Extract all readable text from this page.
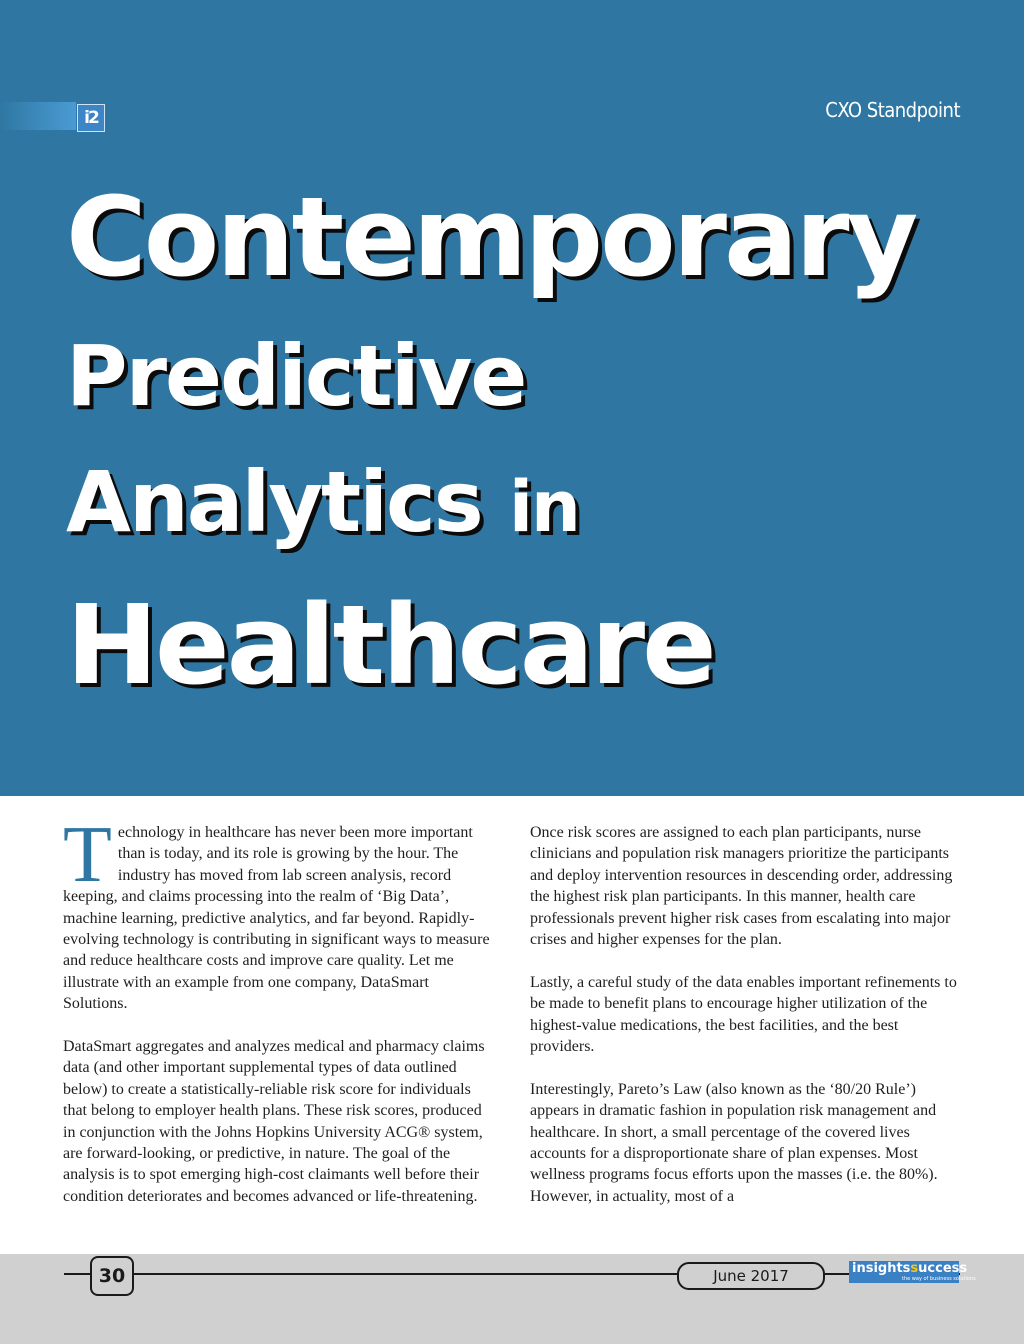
i2	CXO Standpoint
Contemporary
Predictive
Analytics in
Healthcare

Technology in healthcare has never been more important than is today, and its role is growing by the hour. The industry has moved from lab screen analysis, record keeping, and claims processing into the realm of ‘Big Data’, machine learning, predictive analytics, and far beyond. Rapidly-evolving technology is contributing in significant ways to measure and reduce healthcare costs and improve care quality. Let me illustrate with an example from one company, DataSmart Solutions.

DataSmart aggregates and analyzes medical and pharmacy claims data (and other important supplemental types of data outlined below) to create a statistically-reliable risk score for individuals that belong to employer health plans. These risk scores, produced in conjunction with the Johns Hopkins University ACG® system, are forward-looking, or predictive, in nature. The goal of the analysis is to spot emerging high-cost claimants well before their condition deteriorates and becomes advanced or life-threatening.

Once risk scores are assigned to each plan participants, nurse clinicians and population risk managers prioritize the participants and deploy intervention resources in descending order, addressing the highest risk plan participants. In this manner, health care professionals prevent higher risk cases from escalating into major crises and higher expenses for the plan.

Lastly, a careful study of the data enables important refinements to be made to benefit plans to encourage higher utilization of the highest-value medications, the best facilities, and the best providers.

Interestingly, Pareto’s Law (also known as the ‘80/20 Rule’) appears in dramatic fashion in population risk management and healthcare. In short, a small percentage of the covered lives accounts for a disproportionate share of plan expenses. Most wellness programs focus efforts upon the masses (i.e. the 80%). However, in actuality, most of a

30	June 2017	insightssuccess
the way of business solutions
